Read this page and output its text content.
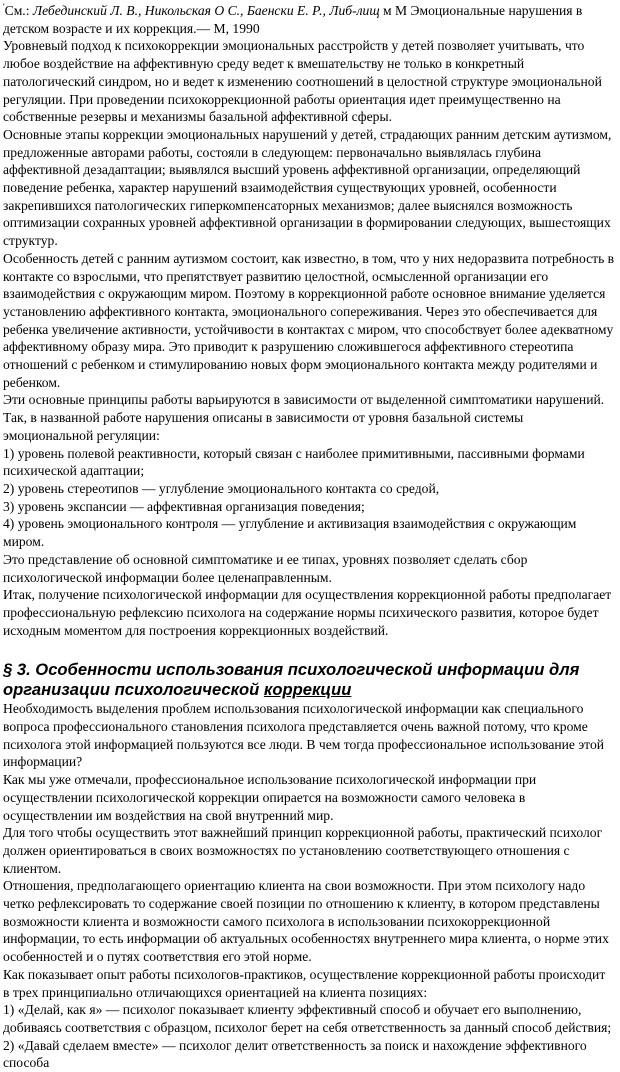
'См.: Лебединский Л. В., Никольская О С., Баенски Е. Р., Либ-лищ м М Эмоциональные нарушения в детском возрасте и их коррекция.— М, 1990

Уровневый подход к психокоррекции эмоциональных расстройств у детей позволяет учитывать, что любое воздействие на аффективную среду ведет к вмешательству не только в конкретный патологический синдром, но и ведет к изменению соотношений в целостной структуре эмоциональной регуляции. При проведении психокоррекционной работы ориентация идет преимущественно на собственные резервы и механизмы базальной аффективной сферы.

Основные этапы коррекции эмоциональных нарушений у детей, страдающих ранним детским аутизмом, предложенные авторами работы, состояли в следующем: первоначально выявлялась глубина аффективной дезадаптации; выявлялся высший уровень аффективной организации, определяющий поведение ребенка, характер нарушений взаимодействия существующих уровней, особенности закрепившихся патологических гиперкомпенсаторных механизмов; далее выяснялся возможность оптимизации сохранных уровней аффективной организации в формировании следующих, вышестоящих структур.

Особенность детей с ранним аутизмом состоит, как известно, в том, что у них недоразвита потребность в контакте со взрослыми, что препятствует развитию целостной, осмысленной организации его взаимодействия с окружающим миром. Поэтому в коррекционной работе основное внимание уделяется установлению аффективного контакта, эмоционального сопереживания. Через это обеспечивается для ребенка увеличение активности, устойчивости в контактах с миром, что способствует более адекватному аффективному образу мира. Это приводит к разрушению сложившегося аффективного стереотипа отношений с ребенком и стимулированию новых форм эмоционального контакта между родителями и ребенком.

Эти основные принципы работы варьируются в зависимости от выделенной симптоматики нарушений. Так, в названной работе нарушения описаны в зависимости от уровня базальной системы эмоциональной регуляции:

1) уровень полевой реактивности, который связан с наиболее примитивными, пассивными формами психической адаптации;

2) уровень стереотипов — углубление эмоционального контакта со средой,

3) уровень экспансии — аффективная организация поведения;

4) уровень эмоционального контроля — углубление и активизация взаимодействия с окружающим миром.

Это представление об основной симптоматике и ее типах, уровнях позволяет сделать сбор психологической информации более целенаправленным.

Итак, получение психологической информации для осуществления коррекционной работы предполагает профессиональную рефлексию психолога на содержание нормы психического развития, которое будет исходным моментом для построения коррекционных воздействий.

§ 3. Особенности использования психологической информации для организации психологической коррекции

Необходимость выделения проблем использования психологической информации как специального вопроса профессионального становления психолога представляется очень важной потому, что кроме психолога этой информацией пользуются все люди. В чем тогда профессиональное использование этой информации?

Как мы уже отмечали, профессиональное использование психологической информации при осуществлении психологической коррекции опирается на возможности самого человека в осуществлении им воздействия на свой внутренний мир.

Для того чтобы осуществить этот важнейший принцип коррекционной работы, практический психолог должен ориентироваться в своих возможностях по установлению соответствующего отношения с клиентом.

Отношения, предполагающего ориентацию клиента на свои возможности. При этом психологу надо четко рефлексировать то содержание своей позиции по отношению к клиенту, в котором представлены возможности клиента и возможности самого психолога в использовании психокоррекционной информации, то есть информации об актуальных особенностях внутреннего мира клиента, о норме этих особенностей и о путях соответствия его этой норме.

Как показывает опыт работы психологов-практиков, осуществление коррекционной работы происходит в трех принципиально отличающихся ориентацией на клиента позициях:

1) «Делай, как я» — психолог показывает клиенту эффективный способ и обучает его выполнению, добиваясь соответствия с образцом, психолог берет на себя ответственность за данный способ действия;

2) «Давай сделаем вместе» — психолог делит ответственность за поиск и нахождение эффективного способа
